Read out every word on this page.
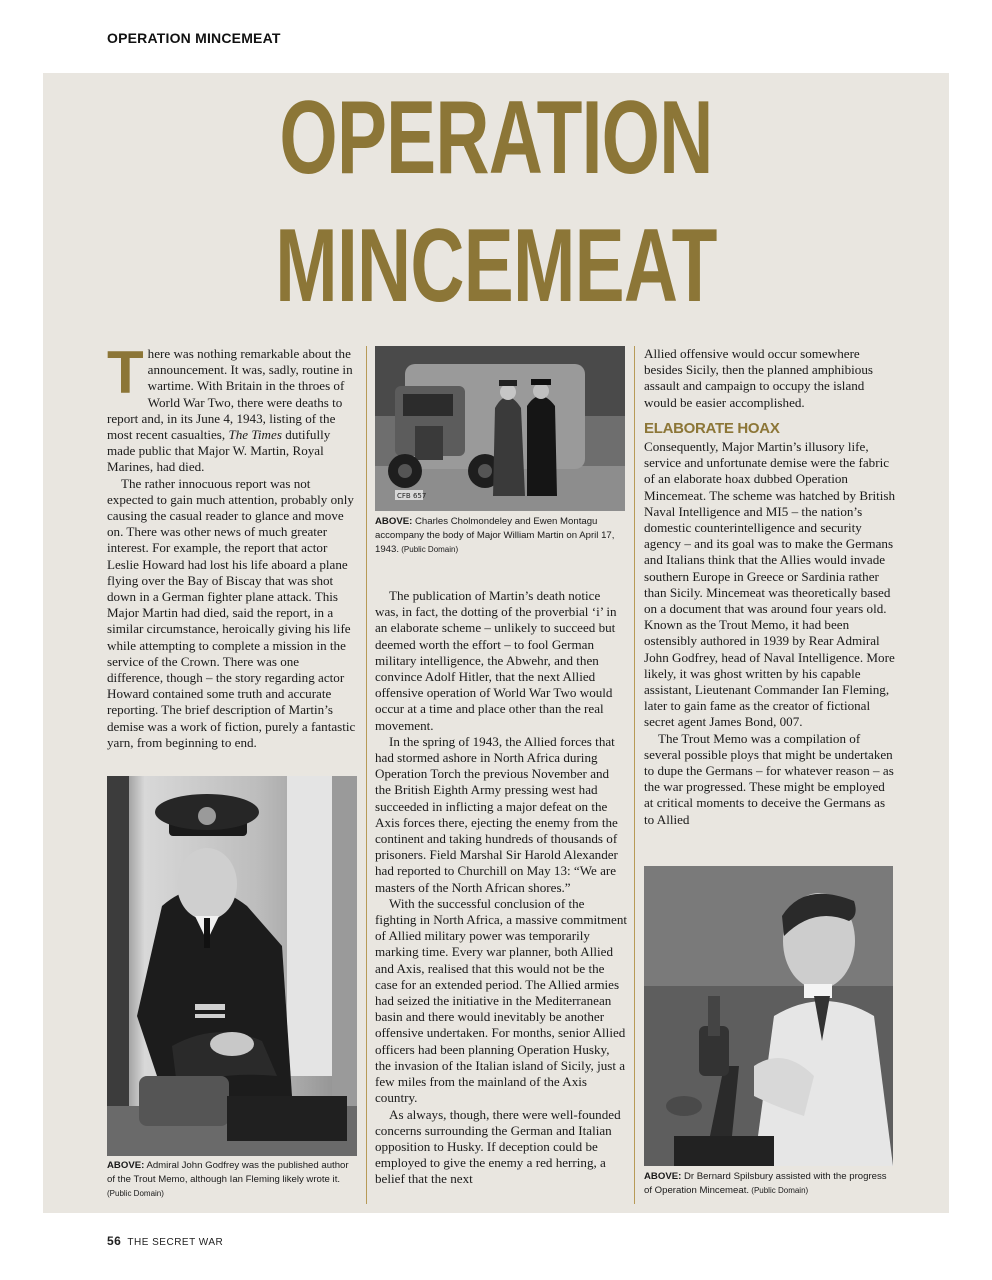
OPERATION MINCEMEAT
OPERATION
MINCEMEAT

There was nothing remarkable about the announcement. It was, sadly, routine in wartime. With Britain in the throes of World War Two, there were deaths to report and, in its June 4, 1943, listing of the most recent casualties, The Times dutifully made public that Major W. Martin, Royal Marines, had died.

The rather innocuous report was not expected to gain much attention, probably only causing the casual reader to glance and move on. There was other news of much greater interest. For example, the report that actor Leslie Howard had lost his life aboard a plane flying over the Bay of Biscay that was shot down in a German fighter plane attack. This Major Martin had died, said the report, in a similar circumstance, heroically giving his life while attempting to complete a mission in the service of the Crown. There was one difference, though – the story regarding actor Howard contained some truth and accurate reporting. The brief description of Martin’s demise was a work of fiction, purely a fantastic yarn, from beginning to end.

ABOVE: Admiral John Godfrey was the published author of the Trout Memo, although Ian Fleming likely wrote it.
(Public Domain)
CFB 657
ABOVE: Charles Cholmondeley and Ewen Montagu accompany the body of Major William Martin on April 17, 1943. (Public Domain)

The publication of Martin’s death notice was, in fact, the dotting of the proverbial ‘i’ in an elaborate scheme – unlikely to succeed but deemed worth the effort – to fool German military intelligence, the Abwehr, and then convince Adolf Hitler, that the next Allied offensive operation of World War Two would occur at a time and place other than the real movement.

In the spring of 1943, the Allied forces that had stormed ashore in North Africa during Operation Torch the previous November and the British Eighth Army pressing west had succeeded in inflicting a major defeat on the Axis forces there, ejecting the enemy from the continent and taking hundreds of thousands of prisoners. Field Marshal Sir Harold Alexander had reported to Churchill on May 13: “We are masters of the North African shores.”

With the successful conclusion of the fighting in North Africa, a massive commitment of Allied military power was temporarily marking time. Every war planner, both Allied and Axis, realised that this would not be the case for an extended period. The Allied armies had seized the initiative in the Mediterranean basin and there would inevitably be another offensive undertaken. For months, senior Allied officers had been planning Operation Husky, the invasion of the Italian island of Sicily, just a few miles from the mainland of the Axis country.

As always, though, there were well-founded concerns surrounding the German and Italian opposition to Husky. If deception could be employed to give the enemy a red herring, a belief that the next

Allied offensive would occur somewhere besides Sicily, then the planned amphibious assault and campaign to occupy the island would be easier accomplished.

ELABORATE HOAX

Consequently, Major Martin’s illusory life, service and unfortunate demise were the fabric of an elaborate hoax dubbed Operation Mincemeat. The scheme was hatched by British Naval Intelligence and MI5 – the nation’s domestic counterintelligence and security agency – and its goal was to make the Germans and Italians think that the Allies would invade southern Europe in Greece or Sardinia rather than Sicily. Mincemeat was theoretically based on a document that was around four years old. Known as the Trout Memo, it had been ostensibly authored in 1939 by Rear Admiral John Godfrey, head of Naval Intelligence. More likely, it was ghost written by his capable assistant, Lieutenant Commander Ian Fleming, later to gain fame as the creator of fictional secret agent James Bond, 007.

The Trout Memo was a compilation of several possible ploys that might be undertaken to dupe the Germans – for whatever reason – as the war progressed. These might be employed at critical moments to deceive the Germans as to Allied

ABOVE: Dr Bernard Spilsbury assisted with the progress of Operation Mincemeat. (Public Domain)
56 THE SECRET WAR
